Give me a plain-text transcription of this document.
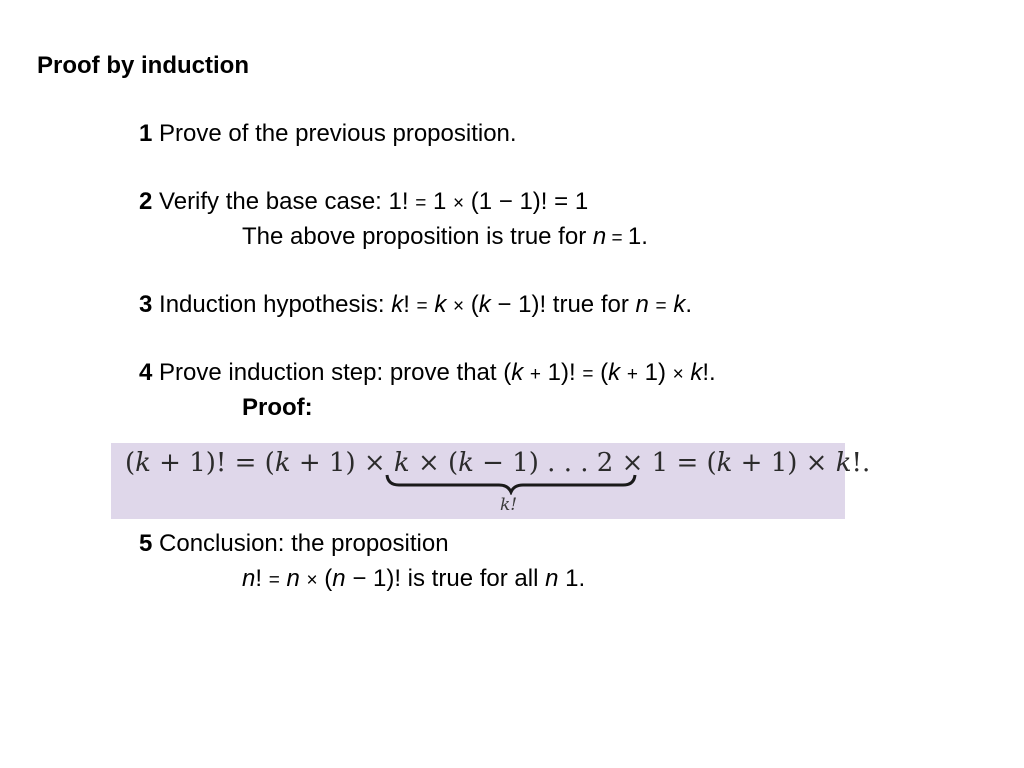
Proof by induction
1 Prove of the previous proposition.
2 Verify the base case: 1! = 1 × (1 − 1)! = 1
The above proposition is true for n = 1.
3 Induction hypothesis: k! = k × (k − 1)! true for n = k.
4 Prove induction step: prove that (k + 1)! = (k + 1) × k!.
Proof:
(k + 1)! = (k + 1) × k × (k − 1) . . . 2 × 1 = (k + 1) × k!.
k!
5 Conclusion: the proposition
n! = n × (n − 1)! is true for all n 1.
